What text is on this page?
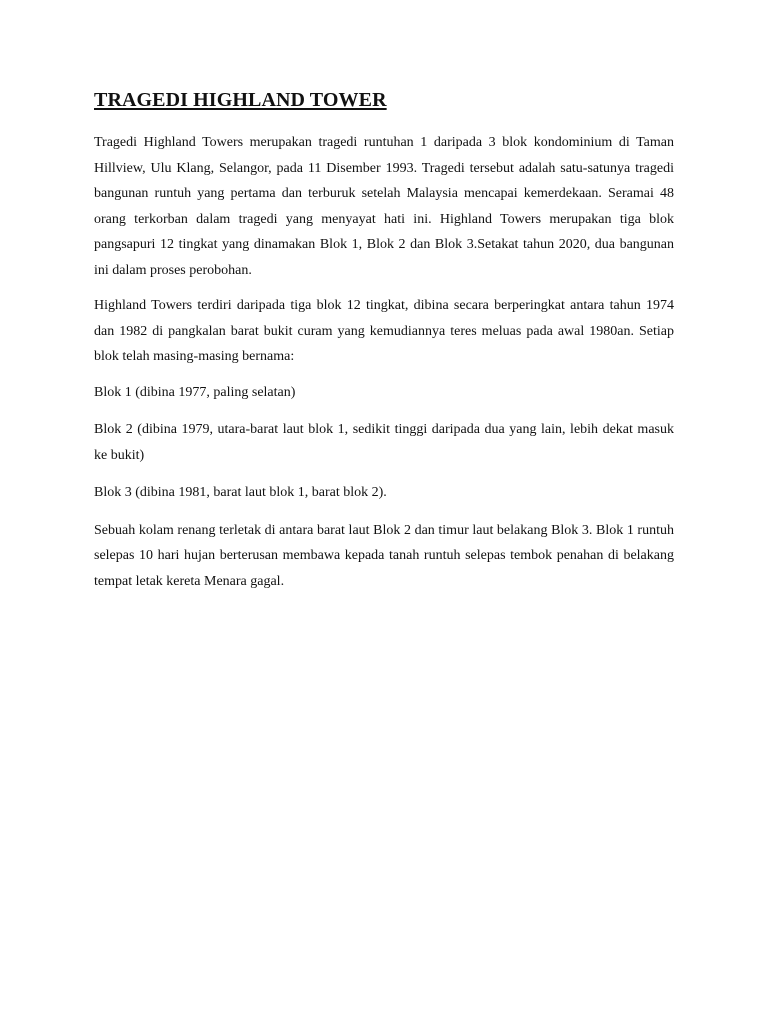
TRAGEDI HIGHLAND TOWER

Tragedi Highland Towers merupakan tragedi runtuhan 1 daripada 3 blok kondominium di Taman Hillview, Ulu Klang, Selangor, pada 11 Disember 1993. Tragedi tersebut adalah satu-satunya tragedi bangunan runtuh yang pertama dan terburuk setelah Malaysia mencapai kemerdekaan. Seramai 48 orang terkorban dalam tragedi yang menyayat hati ini. Highland Towers merupakan tiga blok pangsapuri 12 tingkat yang dinamakan Blok 1, Blok 2 dan Blok 3.Setakat tahun 2020, dua bangunan ini dalam proses perobohan.

Highland Towers terdiri daripada tiga blok 12 tingkat, dibina secara berperingkat antara tahun 1974 dan 1982 di pangkalan barat bukit curam yang kemudiannya teres meluas pada awal 1980an. Setiap blok telah masing-masing bernama:

Blok 1 (dibina 1977, paling selatan)

Blok 2 (dibina 1979, utara-barat laut blok 1, sedikit tinggi daripada dua yang lain, lebih dekat masuk ke bukit)

Blok 3 (dibina 1981, barat laut blok 1, barat blok 2).

Sebuah kolam renang terletak di antara barat laut Blok 2 dan timur laut belakang Blok 3. Blok 1 runtuh selepas 10 hari hujan berterusan membawa kepada tanah runtuh selepas tembok penahan di belakang tempat letak kereta Menara gagal.
